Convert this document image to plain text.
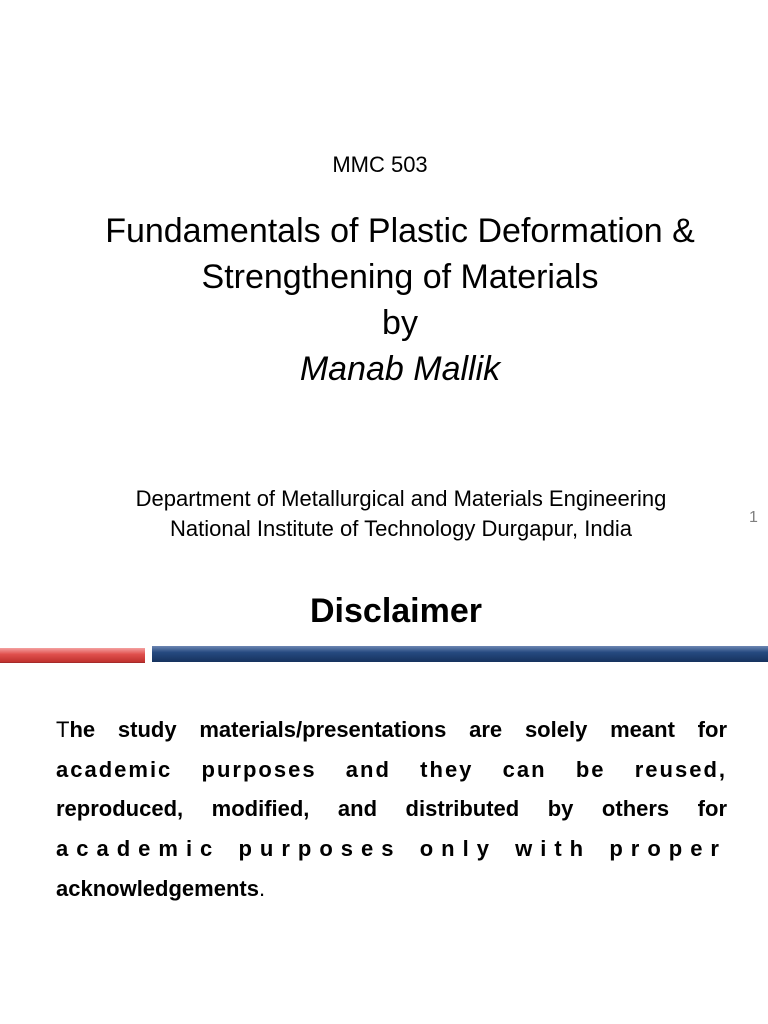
MMC 503
Fundamentals of Plastic Deformation &
Strengthening of Materials
by
Manab Mallik
Department of Metallurgical and Materials Engineering
National Institute of Technology Durgapur, India	1
Disclaimer
The study materials/presentations are solely meant for
academic purposes and they can be reused,
reproduced, modified, and distributed by others for
academic purposes only with proper
acknowledgements.
